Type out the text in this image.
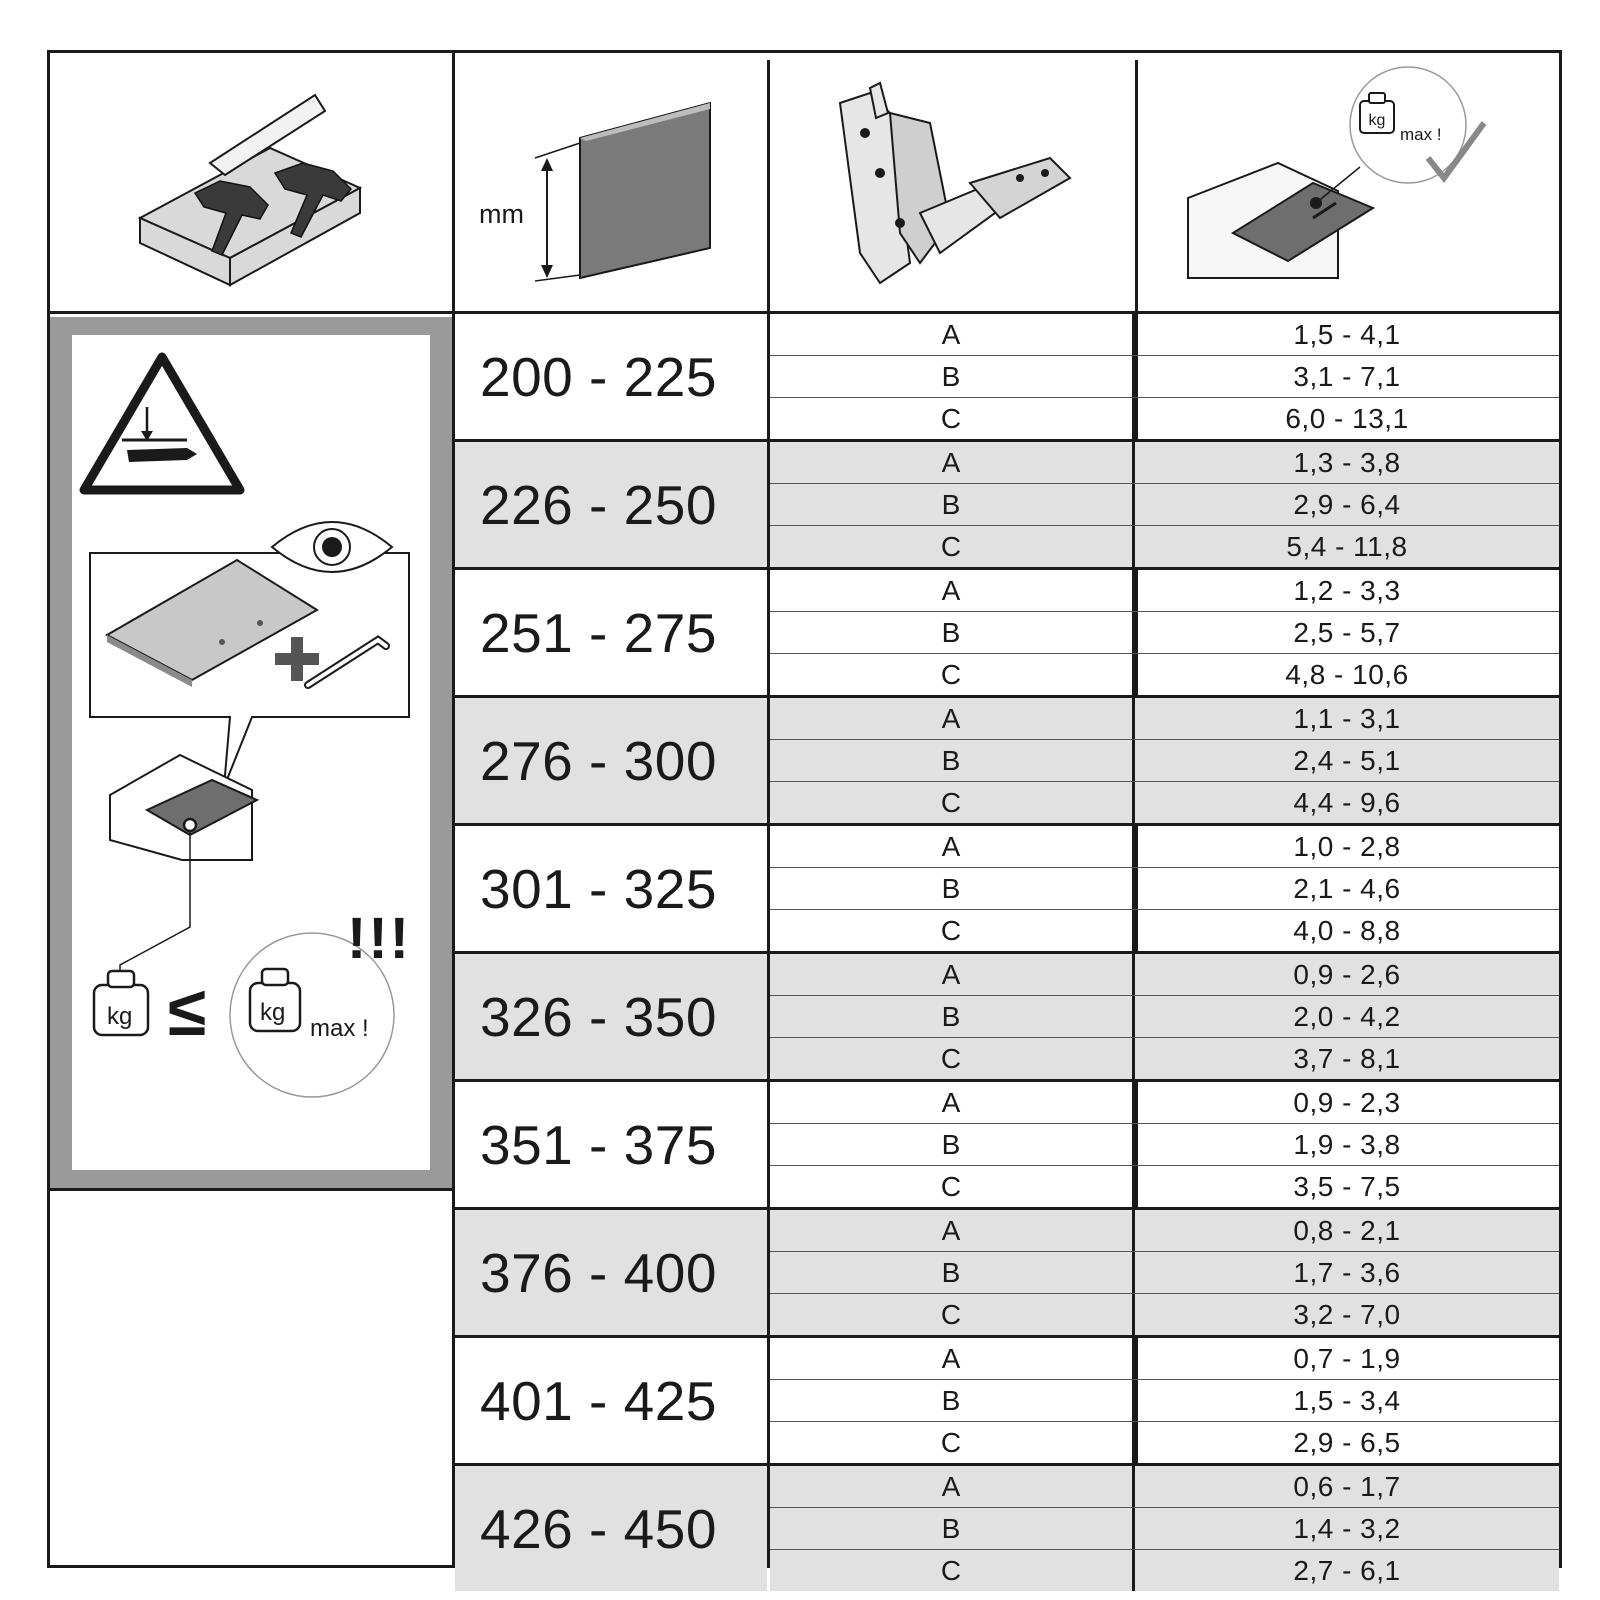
mm
kg
max !
kg ≤ kg
max !
!!!
200 - 225
A	1,5 - 4,1
B	3,1 - 7,1
C	6,0 - 13,1
226 - 250
A	1,3 - 3,8
B	2,9 - 6,4
C	5,4 - 11,8
251 - 275
A	1,2 - 3,3
B	2,5 - 5,7
C	4,8 - 10,6
276 - 300
A	1,1 - 3,1
B	2,4 - 5,1
C	4,4 - 9,6
301 - 325
A	1,0 - 2,8
B	2,1 - 4,6
C	4,0 - 8,8
326 - 350
A	0,9 - 2,6
B	2,0 - 4,2
C	3,7 - 8,1
351 - 375
A	0,9 - 2,3
B	1,9 - 3,8
C	3,5 - 7,5
376 - 400
A	0,8 - 2,1
B	1,7 - 3,6
C	3,2 - 7,0
401 - 425
A	0,7 - 1,9
B	1,5 - 3,4
C	2,9 - 6,5
426 - 450
A	0,6 - 1,7
B	1,4 - 3,2
C	2,7 - 6,1
